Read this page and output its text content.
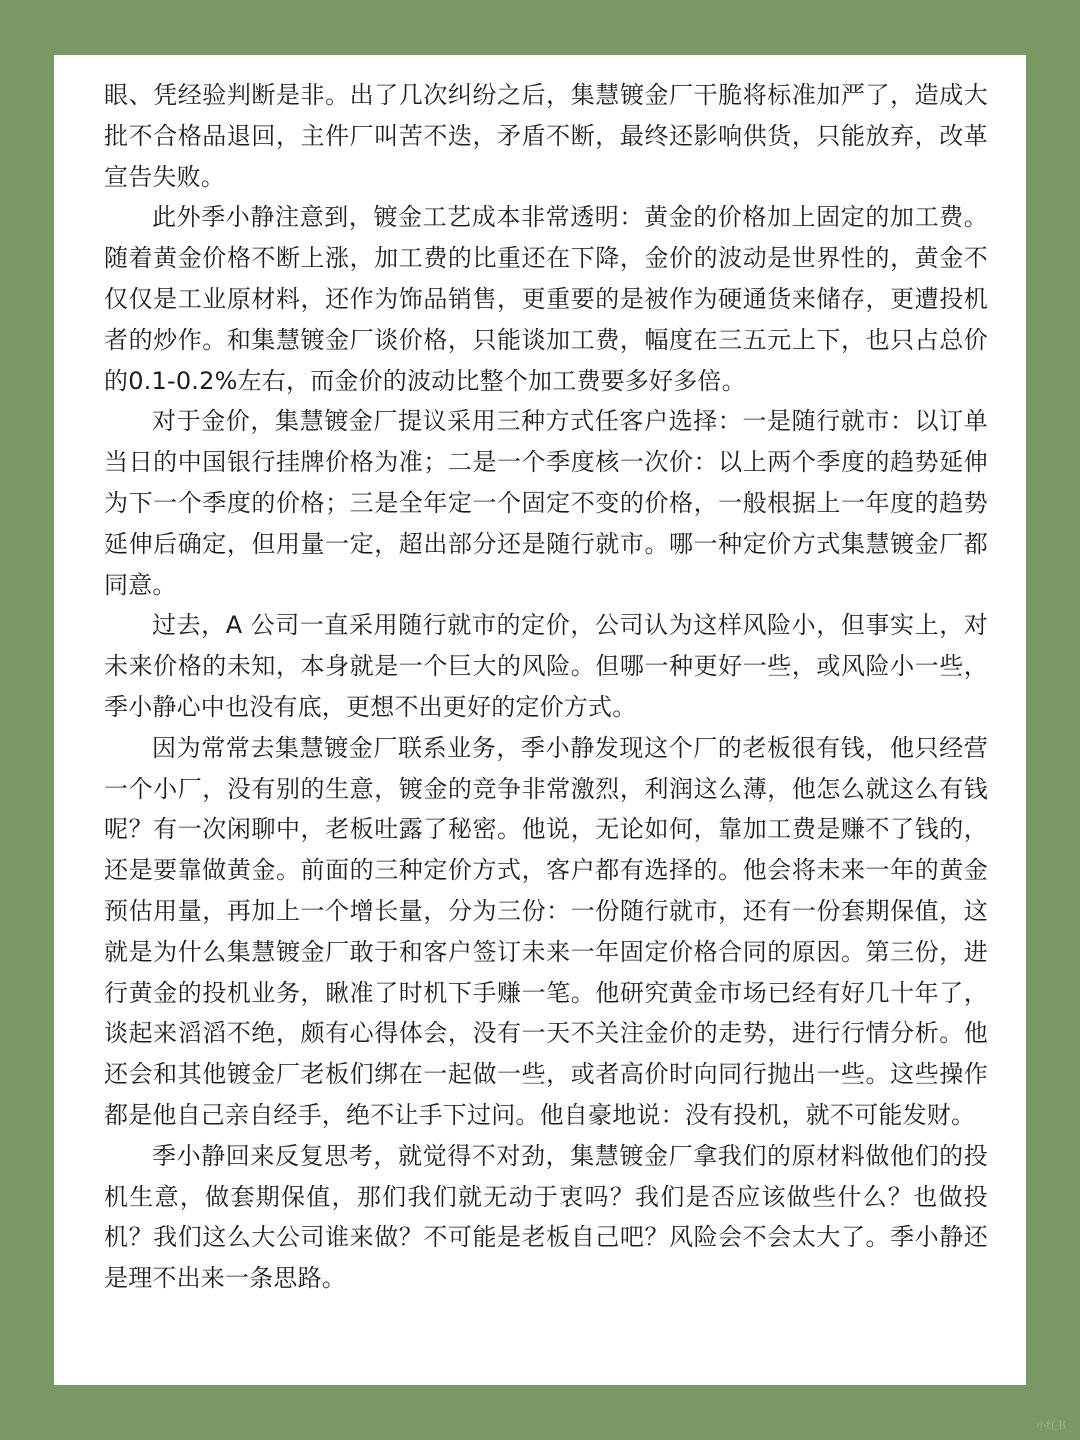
眼、凭经验判断是非。出了几次纠纷之后，集慧镀金厂干脆将标准加严了，造成大批不合格品退回，主件厂叫苦不迭，矛盾不断，最终还影响供货，只能放弃，改革宣告失败。

此外季小静注意到，镀金工艺成本非常透明：黄金的价格加上固定的加工费。随着黄金价格不断上涨，加工费的比重还在下降，金价的波动是世界性的，黄金不仅仅是工业原材料，还作为饰品销售，更重要的是被作为硬通货来储存，更遭投机者的炒作。和集慧镀金厂谈价格，只能谈加工费，幅度在三五元上下，也只占总价的0.1-0.2%左右，而金价的波动比整个加工费要多好多倍。

对于金价，集慧镀金厂提议采用三种方式任客户选择：一是随行就市：以订单当日的中国银行挂牌价格为准；二是一个季度核一次价：以上两个季度的趋势延伸为下一个季度的价格；三是全年定一个固定不变的价格，一般根据上一年度的趋势延伸后确定，但用量一定，超出部分还是随行就市。哪一种定价方式集慧镀金厂都同意。

过去，A 公司一直采用随行就市的定价，公司认为这样风险小，但事实上，对未来价格的未知，本身就是一个巨大的风险。但哪一种更好一些，或风险小一些，季小静心中也没有底，更想不出更好的定价方式。

因为常常去集慧镀金厂联系业务，季小静发现这个厂的老板很有钱，他只经营一个小厂，没有别的生意，镀金的竞争非常激烈，利润这么薄，他怎么就这么有钱呢？有一次闲聊中，老板吐露了秘密。他说，无论如何，靠加工费是赚不了钱的，还是要靠做黄金。前面的三种定价方式，客户都有选择的。他会将未来一年的黄金预估用量，再加上一个增长量，分为三份：一份随行就市，还有一份套期保值，这就是为什么集慧镀金厂敢于和客户签订未来一年固定价格合同的原因。第三份，进行黄金的投机业务，瞅准了时机下手赚一笔。他研究黄金市场已经有好几十年了，谈起来滔滔不绝，颇有心得体会，没有一天不关注金价的走势，进行行情分析。他还会和其他镀金厂老板们绑在一起做一些，或者高价时向同行抛出一些。这些操作都是他自己亲自经手，绝不让手下过问。他自豪地说：没有投机，就不可能发财。

季小静回来反复思考，就觉得不对劲，集慧镀金厂拿我们的原材料做他们的投机生意，做套期保值，那们我们就无动于衷吗？我们是否应该做些什么？也做投机？我们这么大公司谁来做？不可能是老板自己吧？风险会不会太大了。季小静还是理不出来一条思路。

小红书
